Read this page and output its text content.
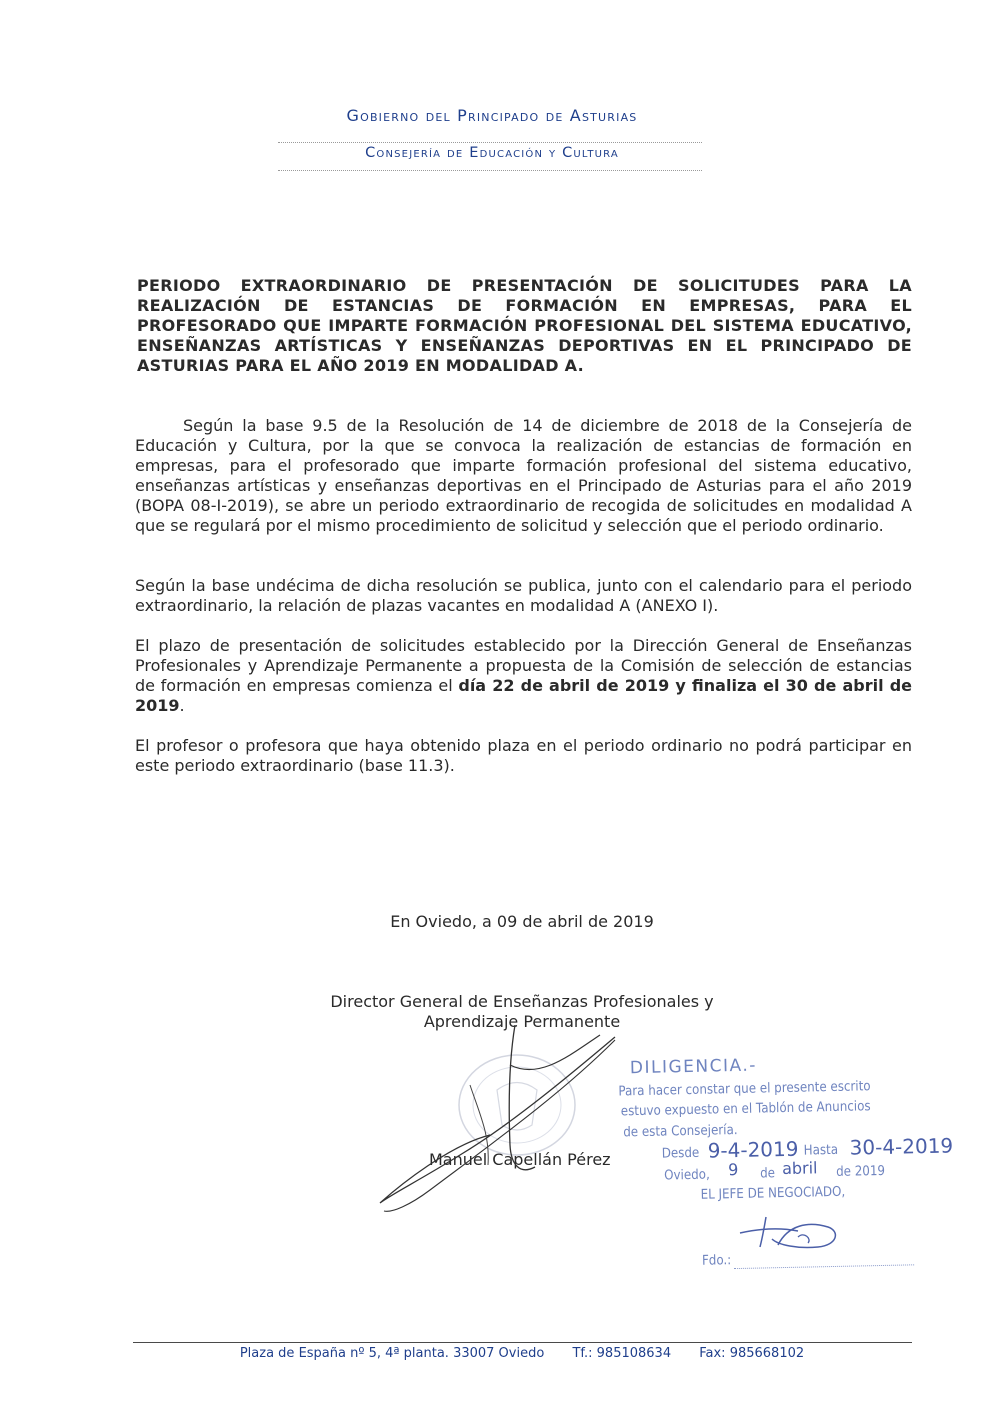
Gobierno del Principado de Asturias
Consejería de Educación y Cultura

PERIODO EXTRAORDINARIO DE PRESENTACIÓN DE SOLICITUDES PARA LA REALIZACIÓN DE ESTANCIAS DE FORMACIÓN EN EMPRESAS, PARA EL PROFESORADO QUE IMPARTE FORMACIÓN PROFESIONAL DEL SISTEMA EDUCATIVO, ENSEÑANZAS ARTÍSTICAS Y ENSEÑANZAS DEPORTIVAS EN EL PRINCIPADO DE ASTURIAS PARA EL AÑO 2019 EN MODALIDAD A.

Según la base 9.5 de la Resolución de 14 de diciembre de 2018 de la Consejería de Educación y Cultura, por la que se convoca la realización de estancias de formación en empresas, para el profesorado que imparte formación profesional del sistema educativo, enseñanzas artísticas y enseñanzas deportivas en el Principado de Asturias para el año 2019 (BOPA 08-I-2019), se abre un periodo extraordinario de recogida de solicitudes en modalidad A que se regulará por el mismo procedimiento de solicitud y selección que el periodo ordinario.

Según la base undécima de dicha resolución se publica, junto con el calendario para el periodo extraordinario, la relación de plazas vacantes en modalidad A (ANEXO I).

El plazo de presentación de solicitudes establecido por la Dirección General de Enseñanzas Profesionales y Aprendizaje Permanente a propuesta de la Comisión de selección de estancias de formación en empresas comienza el día 22 de abril de 2019 y finaliza el 30 de abril de 2019.

El profesor o profesora que haya obtenido plaza en el periodo ordinario no podrá participar en este periodo extraordinario (base 11.3).

En Oviedo, a 09 de abril de 2019
Director General de Enseñanzas Profesionales y
Aprendizaje Permanente
Manuel Capellán Pérez
DILIGENCIA.-
Para hacer constar que el presente escrito
estuvo expuesto en el Tablón de Anuncios
de esta Consejería.
Desde 9-4-2019 Hasta 30-4-2019
Oviedo, 9 de abril de 2019
EL JEFE DE NEGOCIADO,
Fdo.:
Plaza de España nº 5, 4ª planta. 33007 Oviedo Tf.: 985108634 Fax: 985668102
